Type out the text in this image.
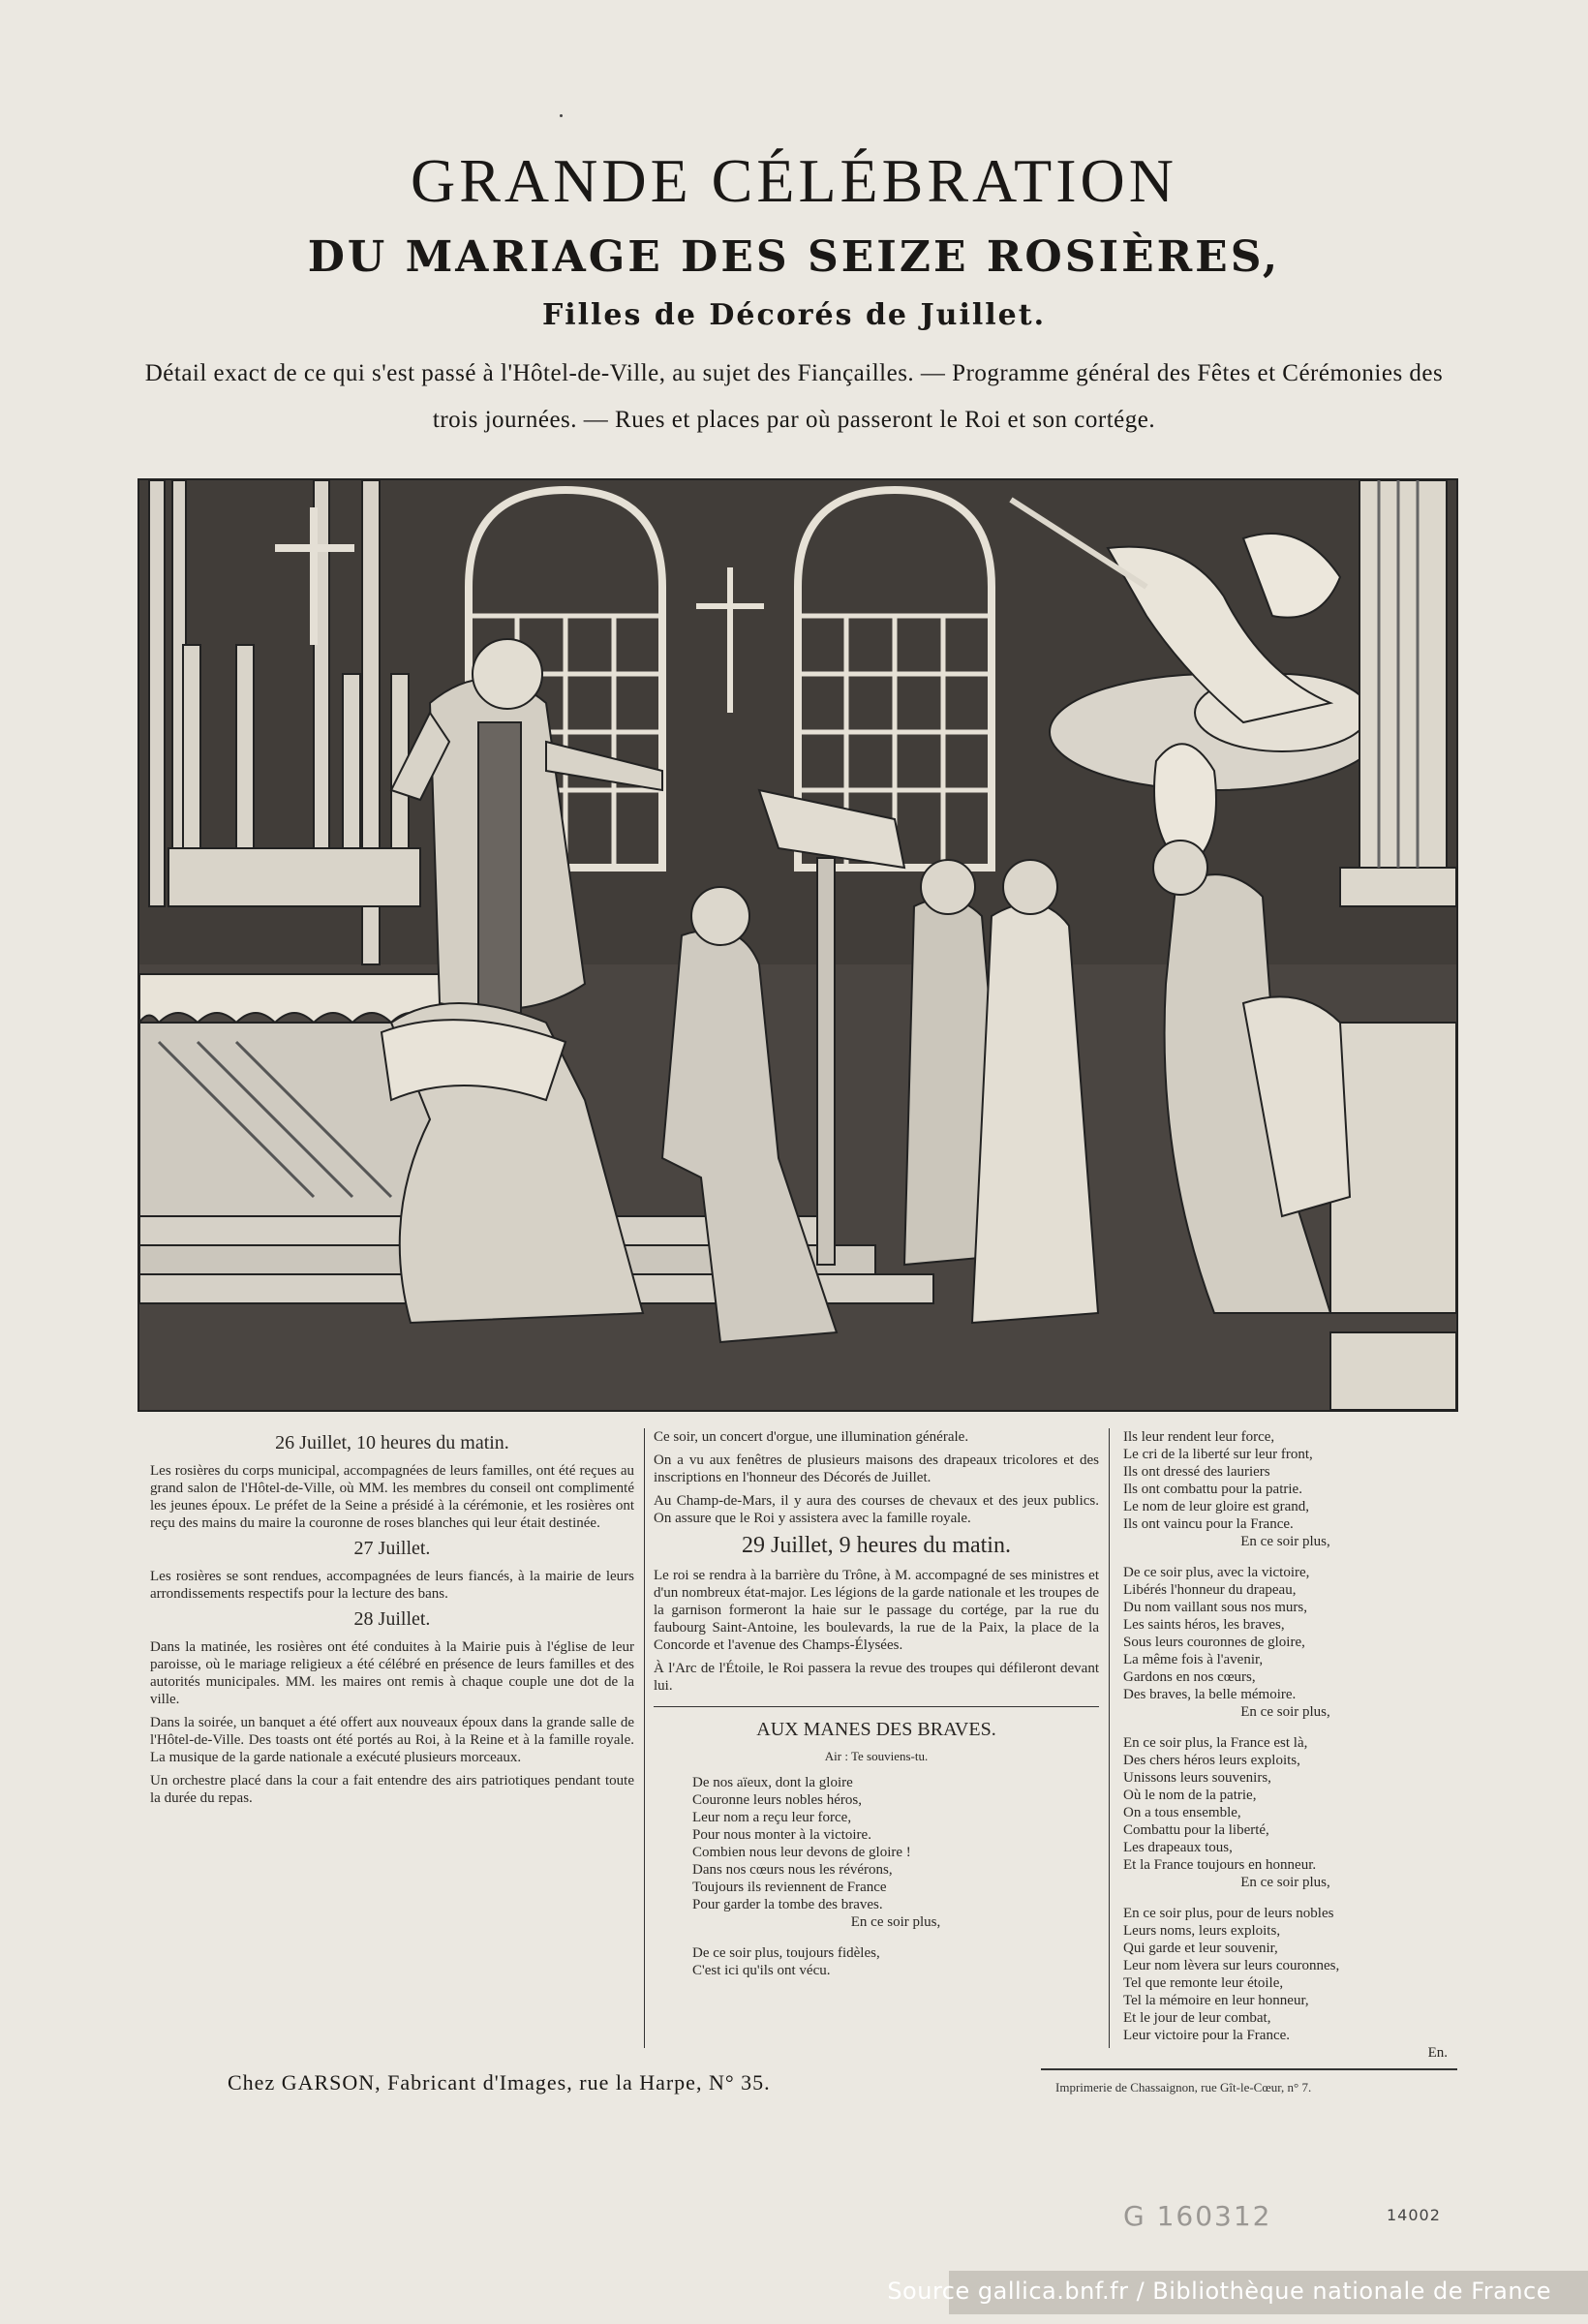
GRANDE CÉLÉBRATION
DU MARIAGE DES SEIZE ROSIÈRES,
Filles de Décorés de Juillet.
Détail exact de ce qui s'est passé à l'Hôtel-de-Ville, au sujet des Fiançailles. — Programme général des Fêtes et Cérémonies des trois journées. — Rues et places par où passeront le Roi et son cortége.
26 Juillet, 10 heures du matin.

Les rosières du corps municipal, accompagnées de leurs familles, ont été reçues au grand salon de l'Hôtel-de-Ville, où MM. les membres du conseil ont complimenté les jeunes époux. Le préfet de la Seine a présidé à la cérémonie, et les rosières ont reçu des mains du maire la couronne de roses blanches qui leur était destinée.

27 Juillet.

Les rosières se sont rendues, accompagnées de leurs fiancés, à la mairie de leurs arrondissements respectifs pour la lecture des bans.

28 Juillet.

Dans la matinée, les rosières ont été conduites à la Mairie puis à l'église de leur paroisse, où le mariage religieux a été célébré en présence de leurs familles et des autorités municipales. MM. les maires ont remis à chaque couple une dot de la ville.

Dans la soirée, un banquet a été offert aux nouveaux époux dans la grande salle de l'Hôtel-de-Ville. Des toasts ont été portés au Roi, à la Reine et à la famille royale. La musique de la garde nationale a exécuté plusieurs morceaux.

Un orchestre placé dans la cour a fait entendre des airs patriotiques pendant toute la durée du repas.

Ce soir, un concert d'orgue, une illumination générale.

On a vu aux fenêtres de plusieurs maisons des drapeaux tricolores et des inscriptions en l'honneur des Décorés de Juillet.

Au Champ-de-Mars, il y aura des courses de chevaux et des jeux publics. On assure que le Roi y assistera avec la famille royale.

29 Juillet, 9 heures du matin.

Le roi se rendra à la barrière du Trône, à M. accompagné de ses ministres et d'un nombreux état-major. Les légions de la garde nationale et les troupes de la garnison formeront la haie sur le passage du cortége, par la rue du faubourg Saint-Antoine, les boulevards, la rue de la Paix, la place de la Concorde et l'avenue des Champs-Élysées.

À l'Arc de l'Étoile, le Roi passera la revue des troupes qui défileront devant lui.

AUX MANES DES BRAVES.
Air : Te souviens-tu.
De nos aïeux, dont la gloire
Couronne leurs nobles héros,
Leur nom a reçu leur force,
Pour nous monter à la victoire.
Combien nous leur devons de gloire !
Dans nos cœurs nous les révérons,
Toujours ils reviennent de France
Pour garder la tombe des braves.
En ce soir plus,
De ce soir plus, toujours fidèles,
C'est ici qu'ils ont vécu.
Ils leur rendent leur force,
Le cri de la liberté sur leur front,
Ils ont dressé des lauriers
Ils ont combattu pour la patrie.
Le nom de leur gloire est grand,
Ils ont vaincu pour la France.
En ce soir plus,
De ce soir plus, avec la victoire,
Libérés l'honneur du drapeau,
Du nom vaillant sous nos murs,
Les saints héros, les braves,
Sous leurs couronnes de gloire,
La même fois à l'avenir,
Gardons en nos cœurs,
Des braves, la belle mémoire.
En ce soir plus,
En ce soir plus, la France est là,
Des chers héros leurs exploits,
Unissons leurs souvenirs,
Où le nom de la patrie,
On a tous ensemble,
Combattu pour la liberté,
Les drapeaux tous,
Et la France toujours en honneur.
En ce soir plus,
En ce soir plus, pour de leurs nobles
Leurs noms, leurs exploits,
Qui garde et leur souvenir,
Leur nom lèvera sur leurs couronnes,
Tel que remonte leur étoile,
Tel la mémoire en leur honneur,
Et le jour de leur combat,
Leur victoire pour la France.
En.
Chez GARSON, Fabricant d'Images, rue la Harpe, N° 35.	Imprimerie de Chassaignon, rue Gît-le-Cœur, n° 7.
G 160312	14002
Source gallica.bnf.fr / Bibliothèque nationale de France
